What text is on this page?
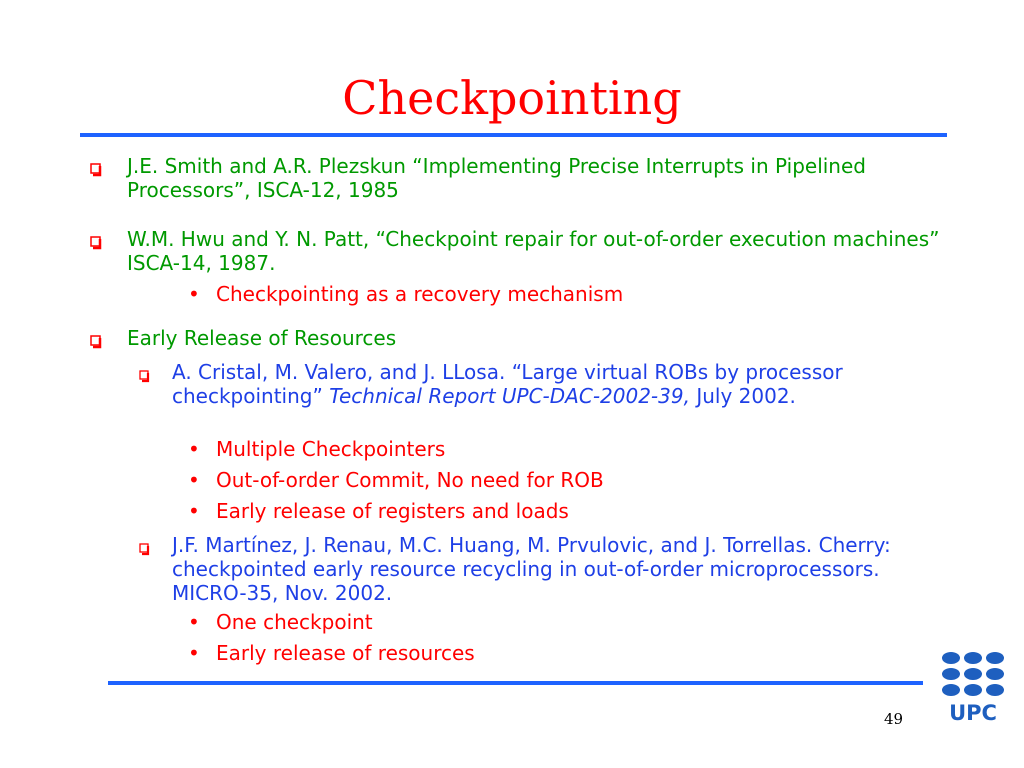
Checkpointing
J.E. Smith and A.R. Plezskun “Implementing Precise Interrupts in Pipelined Processors”, ISCA-12, 1985
W.M. Hwu and Y. N. Patt, “Checkpoint repair for out-of-order execution machines” ISCA-14, 1987.
• Checkpointing as a recovery mechanism
Early Release of Resources
A. Cristal, M. Valero, and J. LLosa. “Large virtual ROBs by processor checkpointing” Technical Report UPC-DAC-2002-39, July 2002.
• Multiple Checkpointers
• Out-of-order Commit, No need for ROB
• Early release of registers and loads
J.F. Martínez, J. Renau, M.C. Huang, M. Prvulovic, and J. Torrellas. Cherry: checkpointed early resource recycling in out-of-order microprocessors. MICRO-35, Nov. 2002.
• One checkpoint
• Early release of resources
49 UPC
